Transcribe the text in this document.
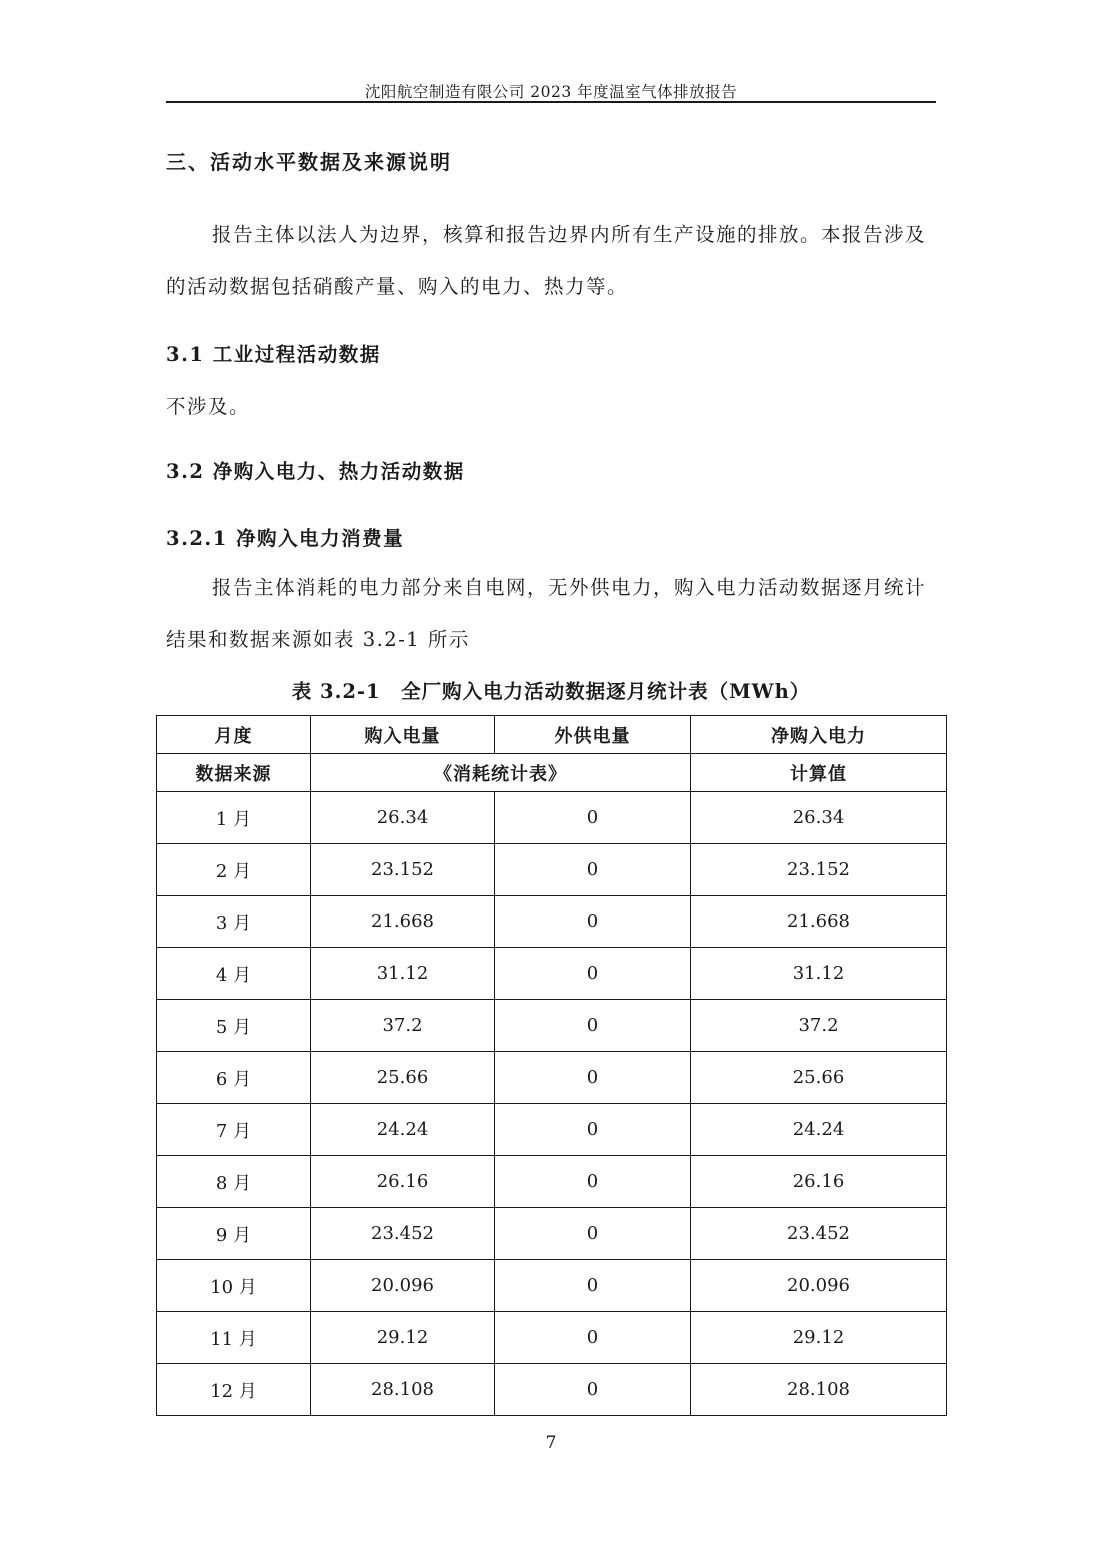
沈阳航空制造有限公司 2023 年度温室气体排放报告
三、活动水平数据及来源说明
报告主体以法人为边界，核算和报告边界内所有生产设施的排放。本报告涉及的活动数据包括硝酸产量、购入的电力、热力等。
3.1 工业过程活动数据
不涉及。
3.2 净购入电力、热力活动数据
3.2.1 净购入电力消费量
报告主体消耗的电力部分来自电网，无外供电力，购入电力活动数据逐月统计结果和数据来源如表 3.2-1 所示
表 3.2-1　全厂购入电力活动数据逐月统计表（MWh）
月度	购入电量	外供电量	净购入电力
数据来源	《消耗统计表》		计算值
1 月	26.34	0	26.34
2 月	23.152	0	23.152
3 月	21.668	0	21.668
4 月	31.12	0	31.12
5 月	37.2	0	37.2
6 月	25.66	0	25.66
7 月	24.24	0	24.24
8 月	26.16	0	26.16
9 月	23.452	0	23.452
10 月	20.096	0	20.096
11 月	29.12	0	29.12
12 月	28.108	0	28.108
7
